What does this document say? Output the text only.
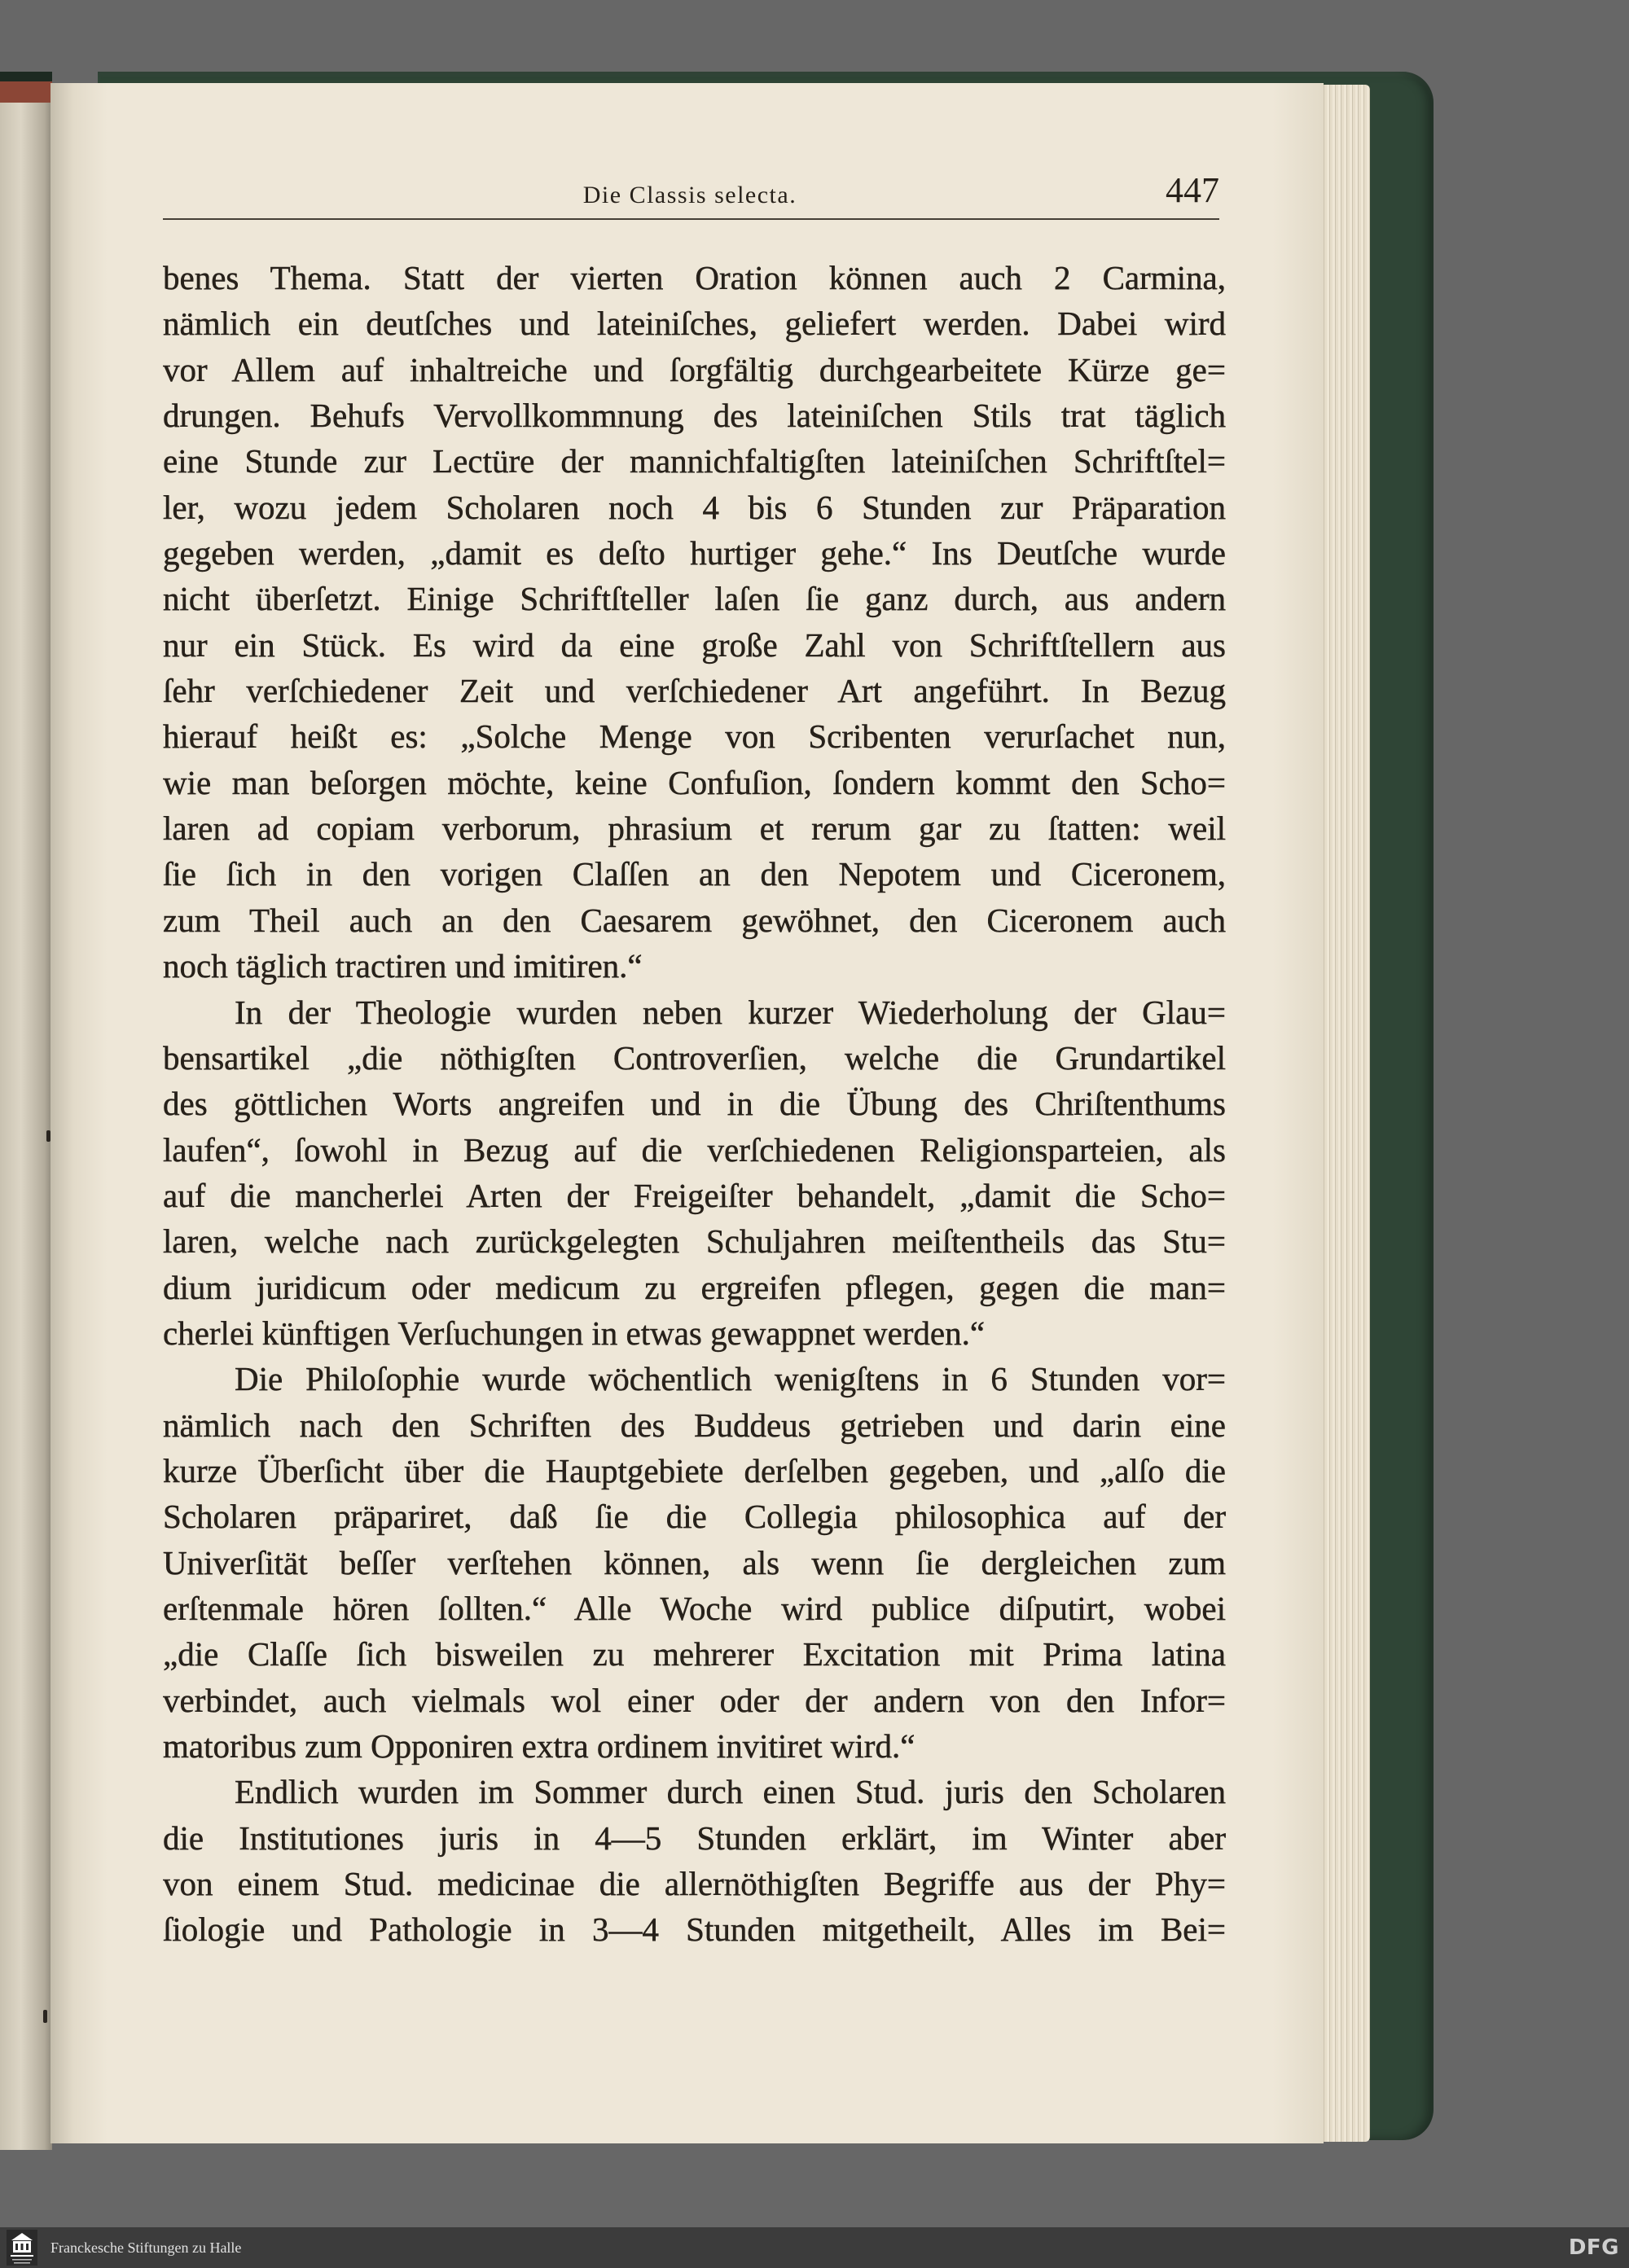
Die Classis selecta.	447
benes Thema. Statt der vierten Oration können auch 2 Carmina,
nämlich ein deutſches und lateiniſches, geliefert werden. Dabei wird
vor Allem auf inhaltreiche und ſorgfältig durchgearbeitete Kürze ge=
drungen. Behufs Vervollkommnung des lateiniſchen Stils trat täglich
eine Stunde zur Lectüre der mannichfaltigſten lateiniſchen Schriftſtel=
ler, wozu jedem Scholaren noch 4 bis 6 Stunden zur Präparation
gegeben werden, „damit es deſto hurtiger gehe.“ Ins Deutſche wurde
nicht überſetzt. Einige Schriftſteller laſen ſie ganz durch, aus andern
nur ein Stück. Es wird da eine große Zahl von Schriftſtellern aus
ſehr verſchiedener Zeit und verſchiedener Art angeführt. In Bezug
hierauf heißt es: „Solche Menge von Scribenten verurſachet nun,
wie man beſorgen möchte, keine Confuſion, ſondern kommt den Scho=
laren ad copiam verborum, phrasium et rerum gar zu ſtatten: weil
ſie ſich in den vorigen Claſſen an den Nepotem und Ciceronem,
zum Theil auch an den Caesarem gewöhnet, den Ciceronem auch
noch täglich tractiren und imitiren.“
In der Theologie wurden neben kurzer Wiederholung der Glau=
bensartikel „die nöthigſten Controverſien, welche die Grundartikel
des göttlichen Worts angreifen und in die Übung des Chriſtenthums
laufen“, ſowohl in Bezug auf die verſchiedenen Religionsparteien, als
auf die mancherlei Arten der Freigeiſter behandelt, „damit die Scho=
laren, welche nach zurückgelegten Schuljahren meiſtentheils das Stu=
dium juridicum oder medicum zu ergreifen pflegen, gegen die man=
cherlei künftigen Verſuchungen in etwas gewappnet werden.“
Die Philoſophie wurde wöchentlich wenigſtens in 6 Stunden vor=
nämlich nach den Schriften des Buddeus getrieben und darin eine
kurze Überſicht über die Hauptgebiete derſelben gegeben, und „alſo die
Scholaren präpariret, daß ſie die Collegia philosophica auf der
Univerſität beſſer verſtehen können, als wenn ſie dergleichen zum
erſtenmale hören ſollten.“ Alle Woche wird publice diſputirt, wobei
„die Claſſe ſich bisweilen zu mehrerer Excitation mit Prima latina
verbindet, auch vielmals wol einer oder der andern von den Infor=
matoribus zum Opponiren extra ordinem invitiret wird.“
Endlich wurden im Sommer durch einen Stud. juris den Scholaren
die Institutiones juris in 4—5 Stunden erklärt, im Winter aber
von einem Stud. medicinae die allernöthigſten Begriffe aus der Phy=
ſiologie und Pathologie in 3—4 Stunden mitgetheilt, Alles im Bei=
Franckesche Stiftungen zu Halle	DFG
